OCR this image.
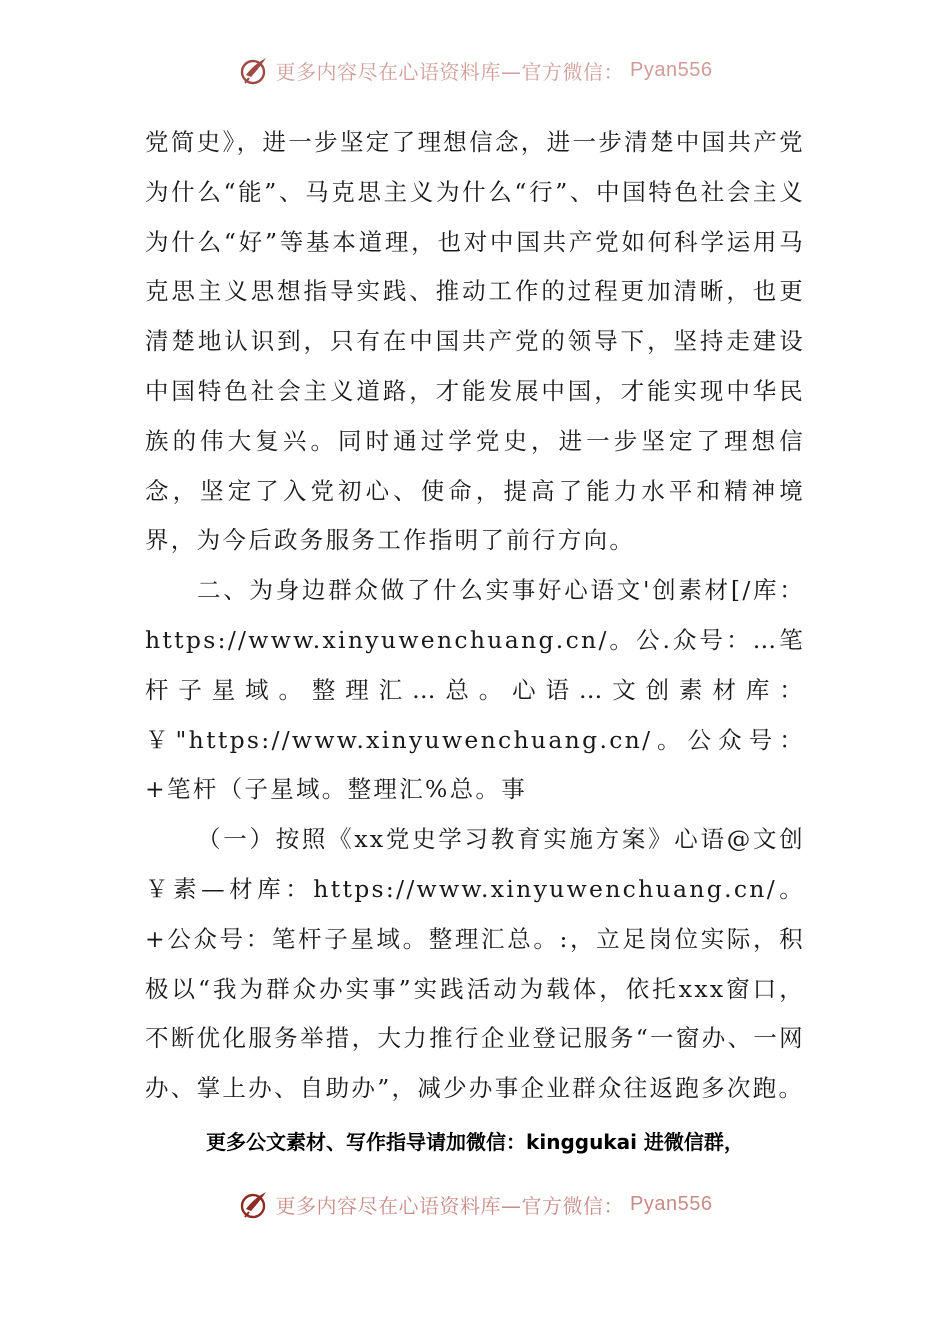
更多内容尽在心语资料库—官方微信： Pyan556

党简史》，进一步坚定了理想信念，进一步清楚中国共产党为什么“能”、马克思主义为什么“行”、中国特色社会主义为什么“好”等基本道理，也对中国共产党如何科学运用马克思主义思想指导实践、推动工作的过程更加清晰，也更清楚地认识到，只有在中国共产党的领导下，坚持走建设中国特色社会主义道路，才能发展中国，才能实现中华民族的伟大复兴。同时通过学党史，进一步坚定了理想信念，坚定了入党初心、使命，提高了能力水平和精神境界，为今后政务服务工作指明了前行方向。

二、为身边群众做了什么实事好心语文'创素材[/库：https://www.xinyuwenchuang.cn/。公.众号：…笔杆子星域。整理汇…总。心语…文创素材库：￥"https://www.xinyuwenchuang.cn/。公众号：+笔杆（子星域。整理汇%总。事

（一）按照《xx党史学习教育实施方案》心语@文创￥素—材库：https://www.xinyuwenchuang.cn/。+公众号：笔杆子星域。整理汇总。:，立足岗位实际，积极以“我为群众办实事”实践活动为载体，依托xxx窗口，不断优化服务举措，大力推行企业登记服务“一窗办、一网办、掌上办、自助办”，减少办事企业群众往返跑多次跑。

更多公文素材、写作指导请加微信：kinggukai 进微信群，
更多内容尽在心语资料库—官方微信： Pyan556
